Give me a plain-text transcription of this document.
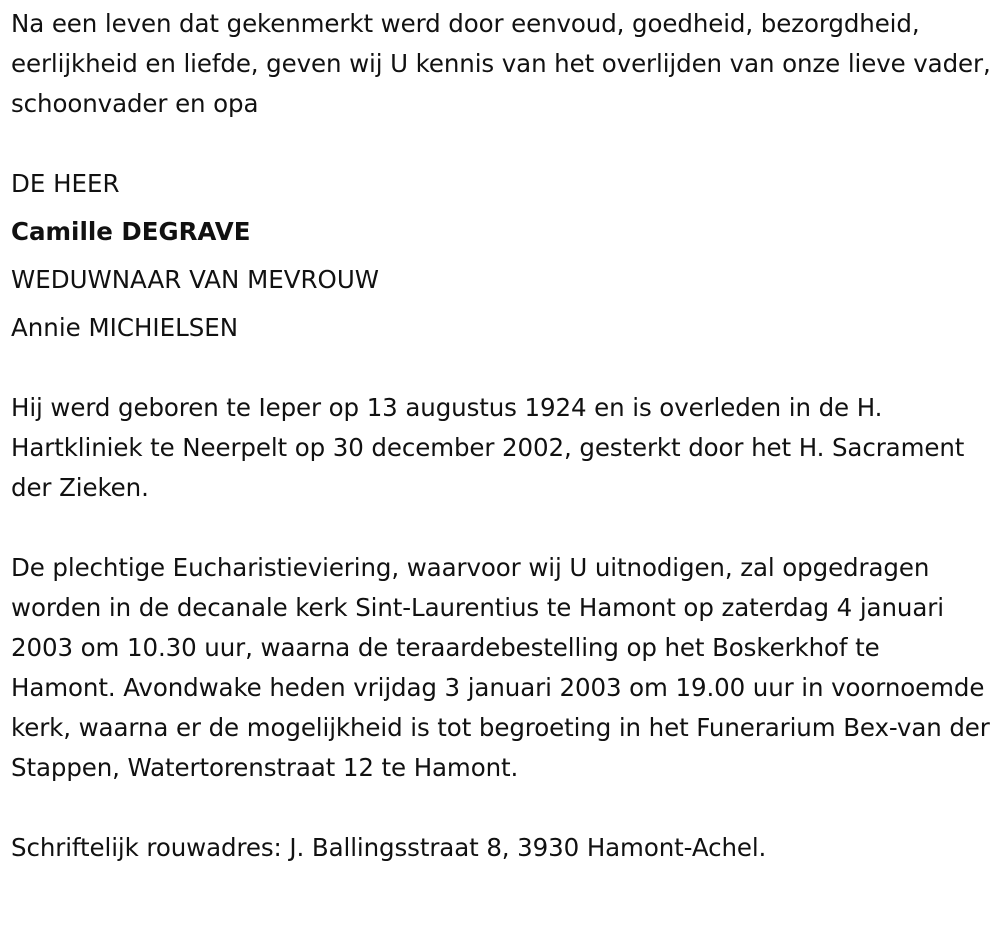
Na een leven dat gekenmerkt werd door eenvoud, goedheid, bezorgdheid, eerlijkheid en liefde, geven wij U kennis van het overlijden van onze lieve vader, schoonvader en opa

DE HEER

Camille DEGRAVE

WEDUWNAAR VAN MEVROUW

Annie MICHIELSEN

Hij werd geboren te Ieper op 13 augustus 1924 en is overleden in de H. Hartkliniek te Neerpelt op 30 december 2002, gesterkt door het H. Sacrament der Zieken.

De plechtige Eucharistieviering, waarvoor wij U uitnodigen, zal opgedragen worden in de decanale kerk Sint-Laurentius te Hamont op zaterdag 4 januari 2003 om 10.30 uur, waarna de teraardebestelling op het Boskerkhof te Hamont. Avondwake heden vrijdag 3 januari 2003 om 19.00 uur in voornoemde kerk, waarna er de mogelijkheid is tot begroeting in het Funerarium Bex-van der Stappen, Watertorenstraat 12 te Hamont.

Schriftelijk rouwadres: J. Ballingsstraat 8, 3930 Hamont-Achel.
